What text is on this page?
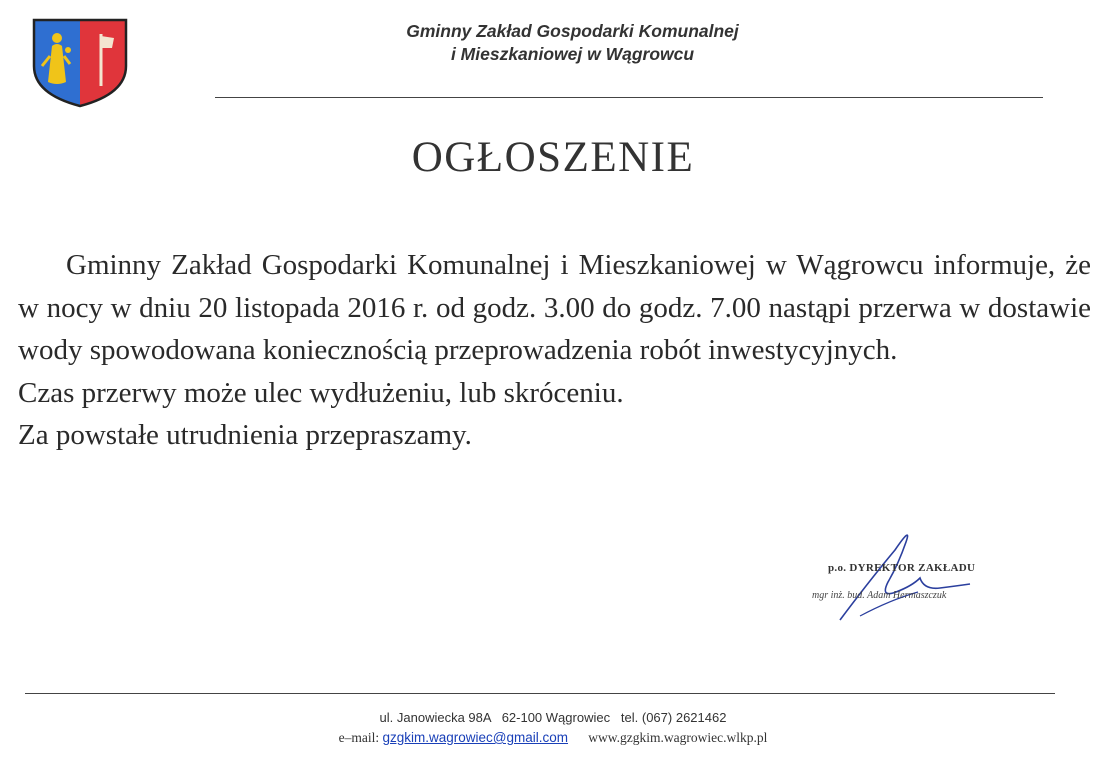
Gminny Zakład Gospodarki Komunalnej
i Mieszkaniowej w Wągrowcu
OGŁOSZENIE

Gminny Zakład Gospodarki Komunalnej i Mieszkaniowej w Wągrowcu informuje, że w nocy w dniu 20 listopada 2016 r. od godz. 3.00 do godz. 7.00 nastąpi przerwa w dostawie wody spowodowana koniecznością przeprowadzenia robót inwestycyjnych.

Czas przerwy może ulec wydłużeniu, lub skróceniu.

Za powstałe utrudnienia przepraszamy.

p.o. DYREKTOR ZAKŁADU
mgr inż. bud. Adam Hermaszczuk
ul. Janowiecka 98A 62-100 Wągrowiec tel. (067) 2621462
e–mail: gzgkim.wagrowiec@gmail.com www.gzgkim.wagrowiec.wlkp.pl
